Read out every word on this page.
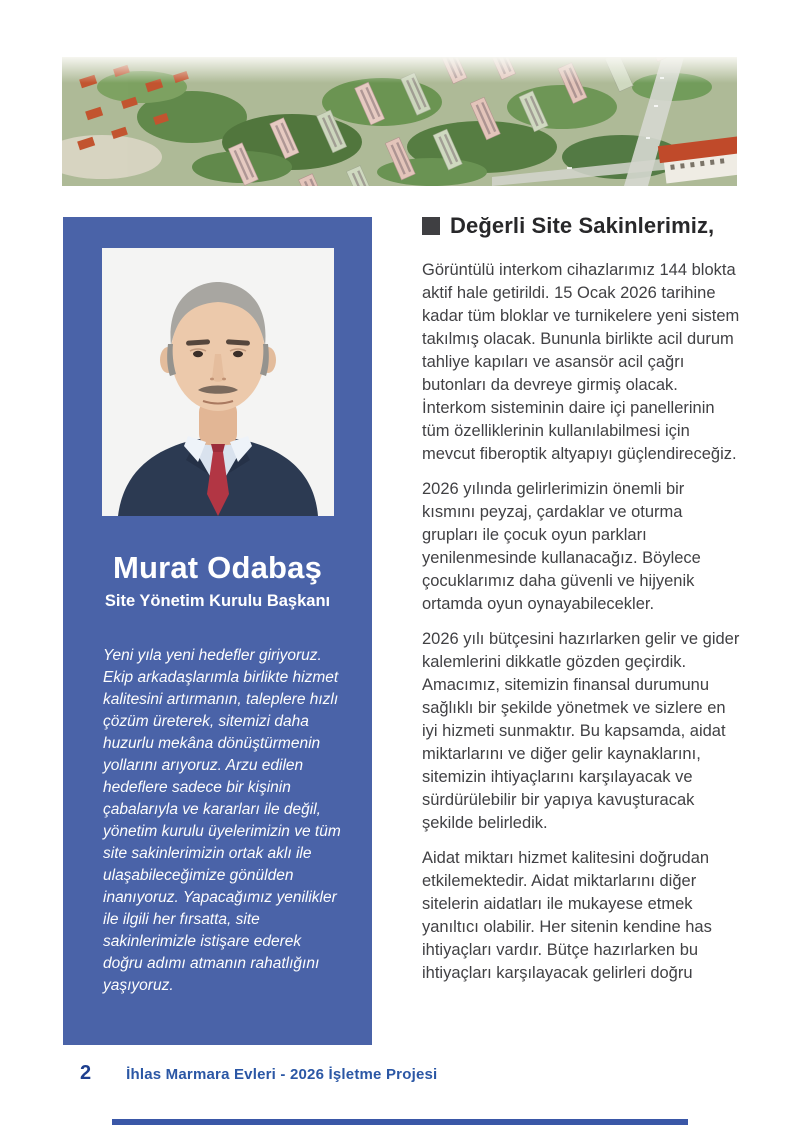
Murat Odabaş
Site Yönetim Kurulu Başkanı

Yeni yıla yeni hedefler giriyoruz. Ekip arkadaşlarımla birlikte hizmet kalitesini artırmanın, taleplere hızlı çözüm üreterek, sitemizi daha huzurlu mekâna dönüştürmenin yollarını arıyoruz. Arzu edilen hedeflere sadece bir kişinin çabalarıyla ve kararları ile değil, yönetim kurulu üyelerimizin ve tüm site sakinlerimizin ortak aklı ile ulaşabileceğimize gönülden inanıyoruz. Yapacağımız yenilikler ile ilgili her fırsatta, site sakinlerimizle istişare ederek doğru adımı atmanın rahatlığını yaşıyoruz.

Değerli Site Sakinlerimiz,

Görüntülü interkom cihazlarımız 144 blokta aktif hale getirildi. 15 Ocak 2026 tarihine kadar tüm bloklar ve turnikelere yeni sistem takılmış olacak. Bununla birlikte acil durum tahliye kapıları ve asansör acil çağrı butonları da devreye girmiş olacak. İnterkom sisteminin daire içi panellerinin tüm özelliklerinin kullanılabilmesi için mevcut fiberoptik altyapıyı güçlendireceğiz.

2026 yılında gelirlerimizin önemli bir kısmını peyzaj, çardaklar ve oturma grupları ile çocuk oyun parkları yenilenmesinde kullanacağız. Böylece çocuklarımız daha güvenli ve hijyenik ortamda oyun oynayabilecekler.

2026 yılı bütçesini hazırlarken gelir ve gider kalemlerini dikkatle gözden geçirdik. Amacımız, sitemizin finansal durumunu sağlıklı bir şekilde yönetmek ve sizlere en iyi hizmeti sunmaktır. Bu kapsamda, aidat miktarlarını ve diğer gelir kaynaklarını, sitemizin ihtiyaçlarını karşılayacak ve sürdürülebilir bir yapıya kavuşturacak şekilde belirledik.

Aidat miktarı hizmet kalitesini doğrudan etkilemektedir. Aidat miktarlarını diğer sitelerin aidatları ile mukayese etmek yanıltıcı olabilir. Her sitenin kendine has ihtiyaçları vardır. Bütçe hazırlarken bu ihtiyaçları karşılayacak gelirleri doğru

2 İhlas Marmara Evleri - 2026 İşletme Projesi
